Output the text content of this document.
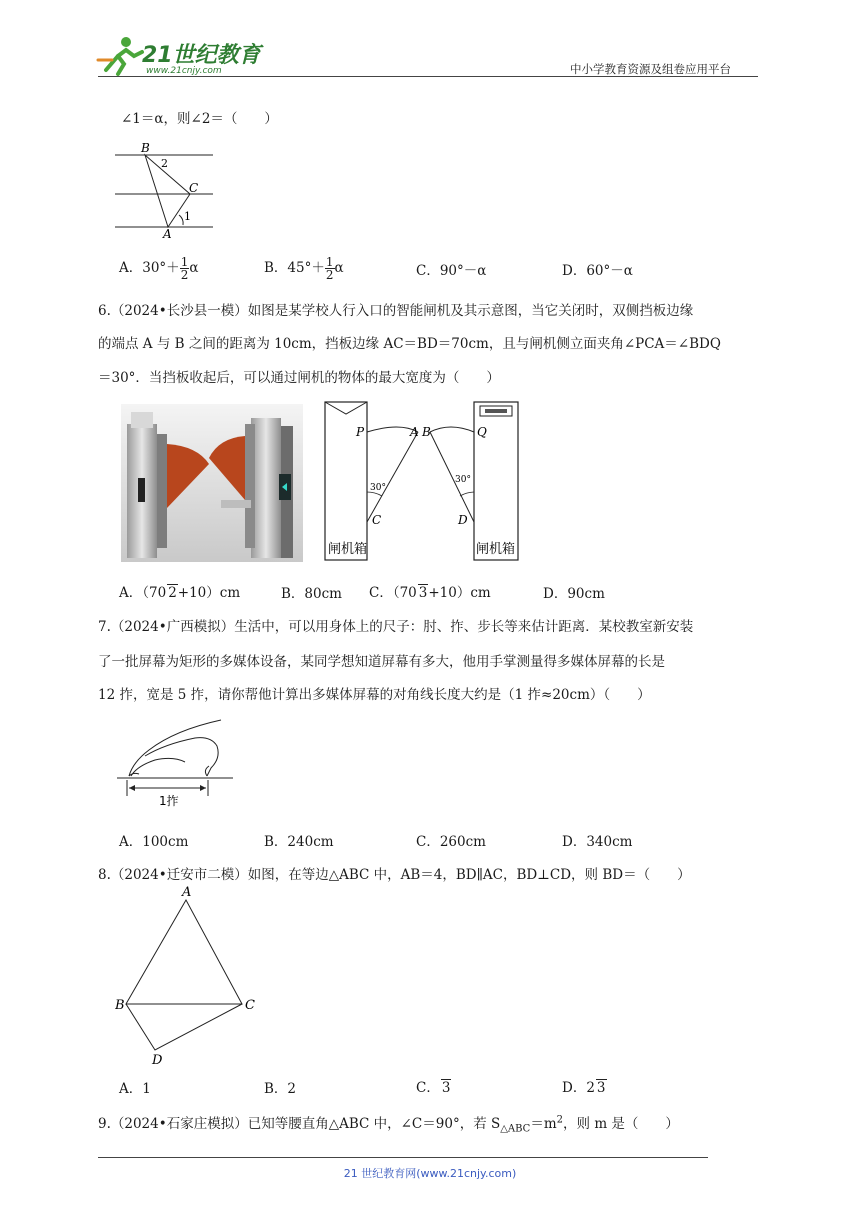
21世纪教育
www.21cnjy.com	中小学教育资源及组卷应用平台
∠1＝α，则∠2＝（　　）
B
C
A
1
2
A．$30^\circ+ \frac{1}{2}$ α	B．$45^\circ+ \frac{1}{2}$ α	C．90°－α	D．60°－α
6.（2024•长沙县一模）如图是某学校人行入口的智能闸机及其示意图，当它关闭时，双侧挡板边缘
的端点 A 与 B 之间的距离为 10cm，挡板边缘 AC＝BD＝70cm，且与闸机侧立面夹角∠PCA＝∠BDQ
＝30°．当挡板收起后，可以通过闸机的物体的最大宽度为（　　）
P	A B	Q
C	D
30°
30°
闸机箱	闸机箱
A．（70 2+10）cm	B．80cm C．（70 3+10）cm	D．90cm
7.（2024•广西模拟）生活中，可以用身体上的尺子：肘、拃、步长等来估计距离．某校教室新安装
了一批屏幕为矩形的多媒体设备，某同学想知道屏幕有多大，他用手掌测量得多媒体屏幕的长是
12 拃，宽是 5 拃，请你帮他计算出多媒体屏幕的对角线长度大约是（1 拃≈20cm）（　　）
1拃
A．100cm	B．240cm	C．260cm	D．340cm
8.（2024•迁安市二模）如图，在等边△ABC 中，AB＝4，BD∥AC，BD⊥CD，则 BD＝（　　）
A
B	C
D
A．1	B．2	C． 3	D．2 3
9.（2024•石家庄模拟）已知等腰直角△ABC 中，∠C＝90°，若 $S_{\triangle ABC}=m^2$，则 m 是（　　）
21 世纪教育网(www.21cnjy.com)
